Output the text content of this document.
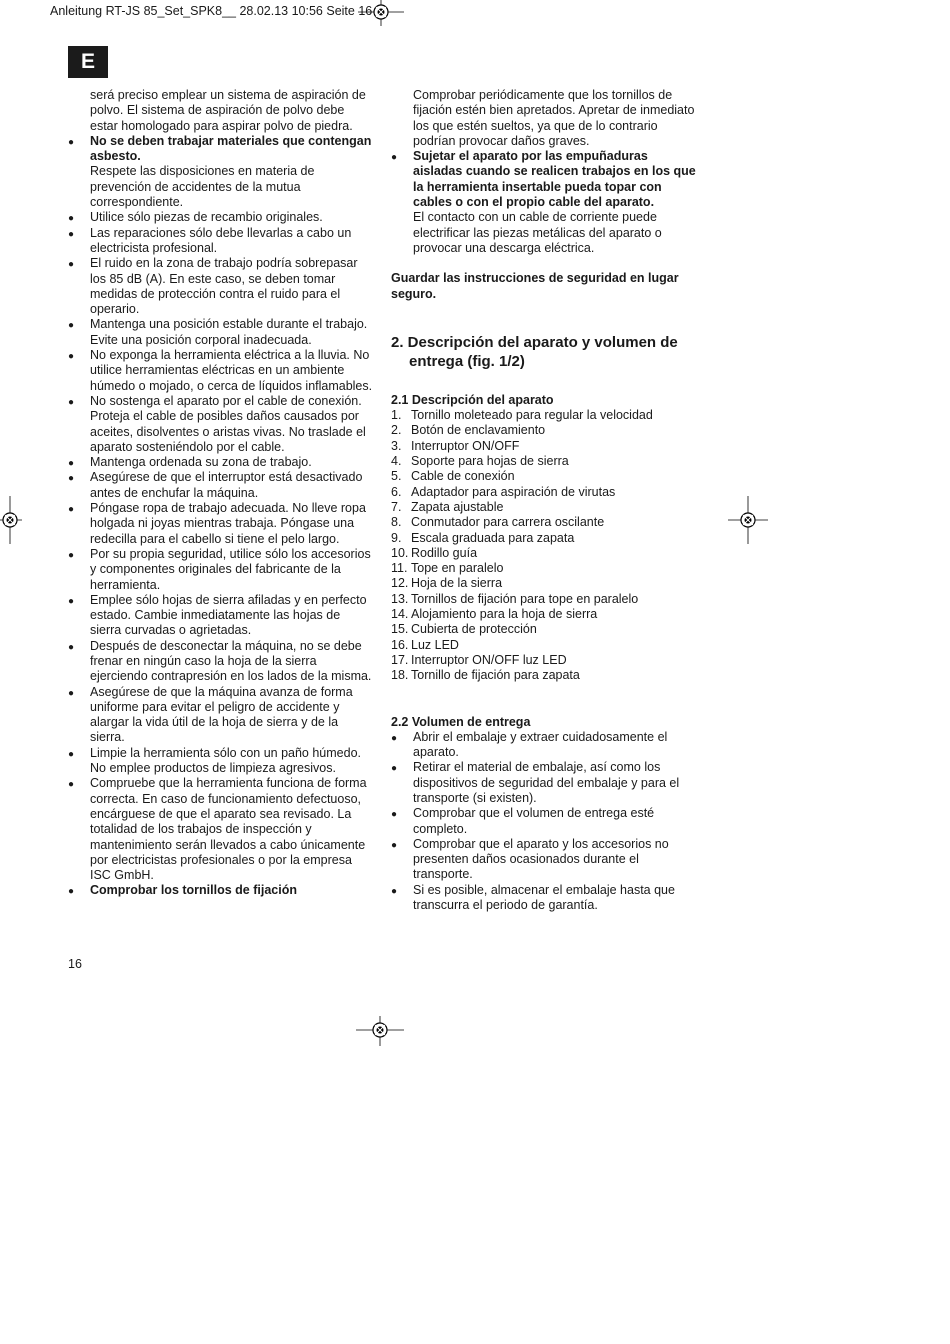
Anleitung RT-JS 85_Set_SPK8__ 28.02.13 10:56 Seite 16
E
será preciso emplear un sistema de aspiración de polvo. El sistema de aspiración de polvo debe estar homologado para aspirar polvo de piedra.
● No se deben trabajar materiales que contengan asbesto.
Respete las disposiciones en materia de prevención de accidentes de la mutua correspondiente.
● Utilice sólo piezas de recambio originales.
● Las reparaciones sólo debe llevarlas a cabo un electricista profesional.
● El ruido en la zona de trabajo podría sobrepasar los 85 dB (A). En este caso, se deben tomar medidas de protección contra el ruido para el operario.
● Mantenga una posición estable durante el trabajo. Evite una posición corporal inadecuada.
● No exponga la herramienta eléctrica a la lluvia. No utilice herramientas eléctricas en un ambiente húmedo o mojado, o cerca de líquidos inflamables.
● No sostenga el aparato por el cable de conexión. Proteja el cable de posibles daños causados por aceites, disolventes o aristas vivas. No traslade el aparato sosteniéndolo por el cable.
● Mantenga ordenada su zona de trabajo.
● Asegúrese de que el interruptor está desactivado antes de enchufar la máquina.
● Póngase ropa de trabajo adecuada. No lleve ropa holgada ni joyas mientras trabaja. Póngase una redecilla para el cabello si tiene el pelo largo.
● Por su propia seguridad, utilice sólo los accesorios y componentes originales del fabricante de la herramienta.
● Emplee sólo hojas de sierra afiladas y en perfecto estado. Cambie inmediatamente las hojas de sierra curvadas o agrietadas.
● Después de desconectar la máquina, no se debe frenar en ningún caso la hoja de la sierra ejerciendo contrapresión en los lados de la misma.
● Asegúrese de que la máquina avanza de forma uniforme para evitar el peligro de accidente y alargar la vida útil de la hoja de sierra y de la sierra.
● Limpie la herramienta sólo con un paño húmedo. No emplee productos de limpieza agresivos.
● Compruebe que la herramienta funciona de forma correcta. En caso de funcionamiento defectuoso, encárguese de que el aparato sea revisado. La totalidad de los trabajos de inspección y mantenimiento serán llevados a cabo únicamente por electricistas profesionales o por la empresa ISC GmbH.
● Comprobar los tornillos de fijación
Comprobar periódicamente que los tornillos de fijación estén bien apretados. Apretar de inmediato los que estén sueltos, ya que de lo contrario podrían provocar daños graves.
● Sujetar el aparato por las empuñaduras aisladas cuando se realicen trabajos en los que la herramienta insertable pueda topar con cables o con el propio cable del aparato.
El contacto con un cable de corriente puede electrificar las piezas metálicas del aparato o provocar una descarga eléctrica.
Guardar las instrucciones de seguridad en lugar seguro.
2. Descripción del aparato y volumen de entrega (fig. 1/2)
2.1 Descripción del aparato
1. Tornillo moleteado para regular la velocidad
2. Botón de enclavamiento
3. Interruptor ON/OFF
4. Soporte para hojas de sierra
5. Cable de conexión
6. Adaptador para aspiración de virutas
7. Zapata ajustable
8. Conmutador para carrera oscilante
9. Escala graduada para zapata
10. Rodillo guía
11. Tope en paralelo
12. Hoja de la sierra
13. Tornillos de fijación para tope en paralelo
14. Alojamiento para la hoja de sierra
15. Cubierta de protección
16. Luz LED
17. Interruptor ON/OFF luz LED
18. Tornillo de fijación para zapata
2.2 Volumen de entrega
● Abrir el embalaje y extraer cuidadosamente el aparato.
● Retirar el material de embalaje, así como los dispositivos de seguridad del embalaje y para el transporte (si existen).
● Comprobar que el volumen de entrega esté completo.
● Comprobar que el aparato y los accesorios no presenten daños ocasionados durante el transporte.
● Si es posible, almacenar el embalaje hasta que transcurra el periodo de garantía.
16
